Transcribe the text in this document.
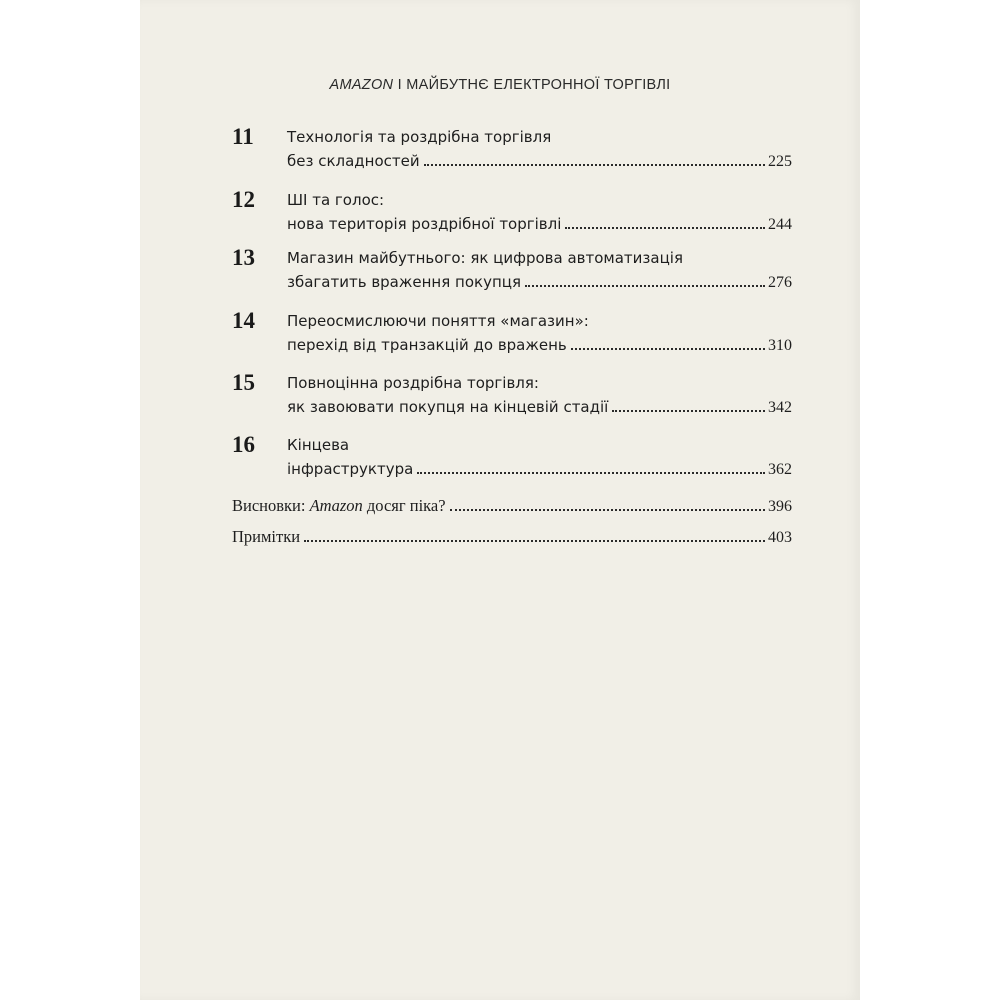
AMAZON І МАЙБУТНЄ ЕЛЕКТРОННОЇ ТОРГІВЛІ
11 Технологія та роздрібна торгівля
без складностей	225
12 ШІ та голос:
нова територія роздрібної торгівлі	244
13 Магазин майбутнього: як цифрова автоматизація
збагатить враження покупця	276
14 Переосмислюючи поняття «магазин»:
перехід від транзакцій до вражень	310
15 Повноцінна роздрібна торгівля:
як завоювати покупця на кінцевій стадії	342
16 Кінцева
інфраструктура	362
Висновки: Amazon досяг піка?	396
Примітки	403
